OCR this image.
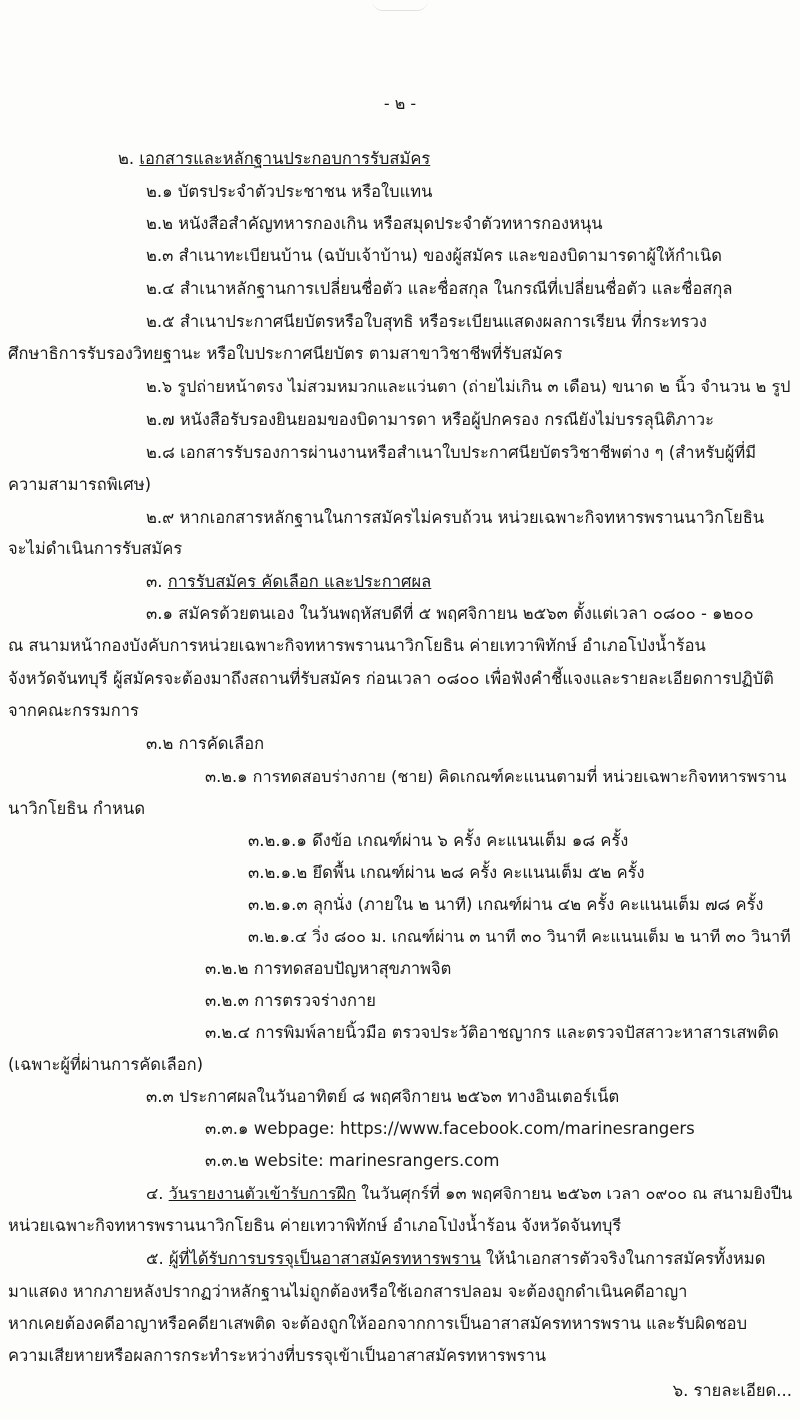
- ๒ -
๒. เอกสารและหลักฐานประกอบการรับสมัคร
๒.๑ บัตรประจำตัวประชาชน หรือใบแทน
๒.๒ หนังสือสำคัญทหารกองเกิน หรือสมุดประจำตัวทหารกองหนุน
๒.๓ สำเนาทะเบียนบ้าน (ฉบับเจ้าบ้าน) ของผู้สมัคร และของบิดามารดาผู้ให้กำเนิด
๒.๔ สำเนาหลักฐานการเปลี่ยนชื่อตัว และชื่อสกุล ในกรณีที่เปลี่ยนชื่อตัว และชื่อสกุล
๒.๕ สำเนาประกาศนียบัตรหรือใบสุทธิ หรือระเบียนแสดงผลการเรียน ที่กระทรวง
ศึกษาธิการรับรองวิทยฐานะ หรือใบประกาศนียบัตร ตามสาขาวิชาชีพที่รับสมัคร
๒.๖ รูปถ่ายหน้าตรง ไม่สวมหมวกและแว่นตา (ถ่ายไม่เกิน ๓ เดือน) ขนาด ๒ นิ้ว จำนวน ๒ รูป
๒.๗ หนังสือรับรองยินยอมของบิดามารดา หรือผู้ปกครอง กรณียังไม่บรรลุนิติภาวะ
๒.๘ เอกสารรับรองการผ่านงานหรือสำเนาใบประกาศนียบัตรวิชาชีพต่าง ๆ (สำหรับผู้ที่มี
ความสามารถพิเศษ)
๒.๙ หากเอกสารหลักฐานในการสมัครไม่ครบถ้วน หน่วยเฉพาะกิจทหารพรานนาวิกโยธิน
จะไม่ดำเนินการรับสมัคร
๓. การรับสมัคร คัดเลือก และประกาศผล
๓.๑ สมัครด้วยตนเอง ในวันพฤหัสบดีที่ ๕ พฤศจิกายน ๒๕๖๓ ตั้งแต่เวลา ๐๘๐๐ - ๑๒๐๐
ณ สนามหน้ากองบังคับการหน่วยเฉพาะกิจทหารพรานนาวิกโยธิน ค่ายเทวาพิทักษ์ อำเภอโป่งน้ำร้อน
จังหวัดจันทบุรี ผู้สมัครจะต้องมาถึงสถานที่รับสมัคร ก่อนเวลา ๐๘๐๐ เพื่อฟังคำชี้แจงและรายละเอียดการปฏิบัติ
จากคณะกรรมการ
๓.๒ การคัดเลือก
๓.๒.๑ การทดสอบร่างกาย (ชาย) คิดเกณฑ์คะแนนตามที่ หน่วยเฉพาะกิจทหารพราน
นาวิกโยธิน กำหนด
๓.๒.๑.๑ ดึงข้อ เกณฑ์ผ่าน ๖ ครั้ง คะแนนเต็ม ๑๘ ครั้ง
๓.๒.๑.๒ ยึดพื้น เกณฑ์ผ่าน ๒๘ ครั้ง คะแนนเต็ม ๕๒ ครั้ง
๓.๒.๑.๓ ลุกนั่ง (ภายใน ๒ นาที) เกณฑ์ผ่าน ๔๒ ครั้ง คะแนนเต็ม ๗๘ ครั้ง
๓.๒.๑.๔ วิ่ง ๘๐๐ ม. เกณฑ์ผ่าน ๓ นาที ๓๐ วินาที คะแนนเต็ม ๒ นาที ๓๐ วินาที
๓.๒.๒ การทดสอบปัญหาสุขภาพจิต
๓.๒.๓ การตรวจร่างกาย
๓.๒.๔ การพิมพ์ลายนิ้วมือ ตรวจประวัติอาชญากร และตรวจปัสสาวะหาสารเสพติด
(เฉพาะผู้ที่ผ่านการคัดเลือก)
๓.๓ ประกาศผลในวันอาทิตย์ ๘ พฤศจิกายน ๒๕๖๓ ทางอินเตอร์เน็ต
๓.๓.๑ webpage: https://www.facebook.com/marinesrangers
๓.๓.๒ website: marinesrangers.com
๔. วันรายงานตัวเข้ารับการฝึก ในวันศุกร์ที่ ๑๓ พฤศจิกายน ๒๕๖๓ เวลา ๐๙๐๐ ณ สนามยิงปืน
หน่วยเฉพาะกิจทหารพรานนาวิกโยธิน ค่ายเทวาพิทักษ์ อำเภอโป่งน้ำร้อน จังหวัดจันทบุรี
๕. ผู้ที่ได้รับการบรรจุเป็นอาสาสมัครทหารพราน ให้นำเอกสารตัวจริงในการสมัครทั้งหมด
มาแสดง หากภายหลังปรากฏว่าหลักฐานไม่ถูกต้องหรือใช้เอกสารปลอม จะต้องถูกดำเนินคดีอาญา
หากเคยต้องคดีอาญาหรือคดียาเสพติด จะต้องถูกให้ออกจากการเป็นอาสาสมัครทหารพราน และรับผิดชอบ
ความเสียหายหรือผลการกระทำระหว่างที่บรรจุเข้าเป็นอาสาสมัครทหารพราน
๖. รายละเอียด...
